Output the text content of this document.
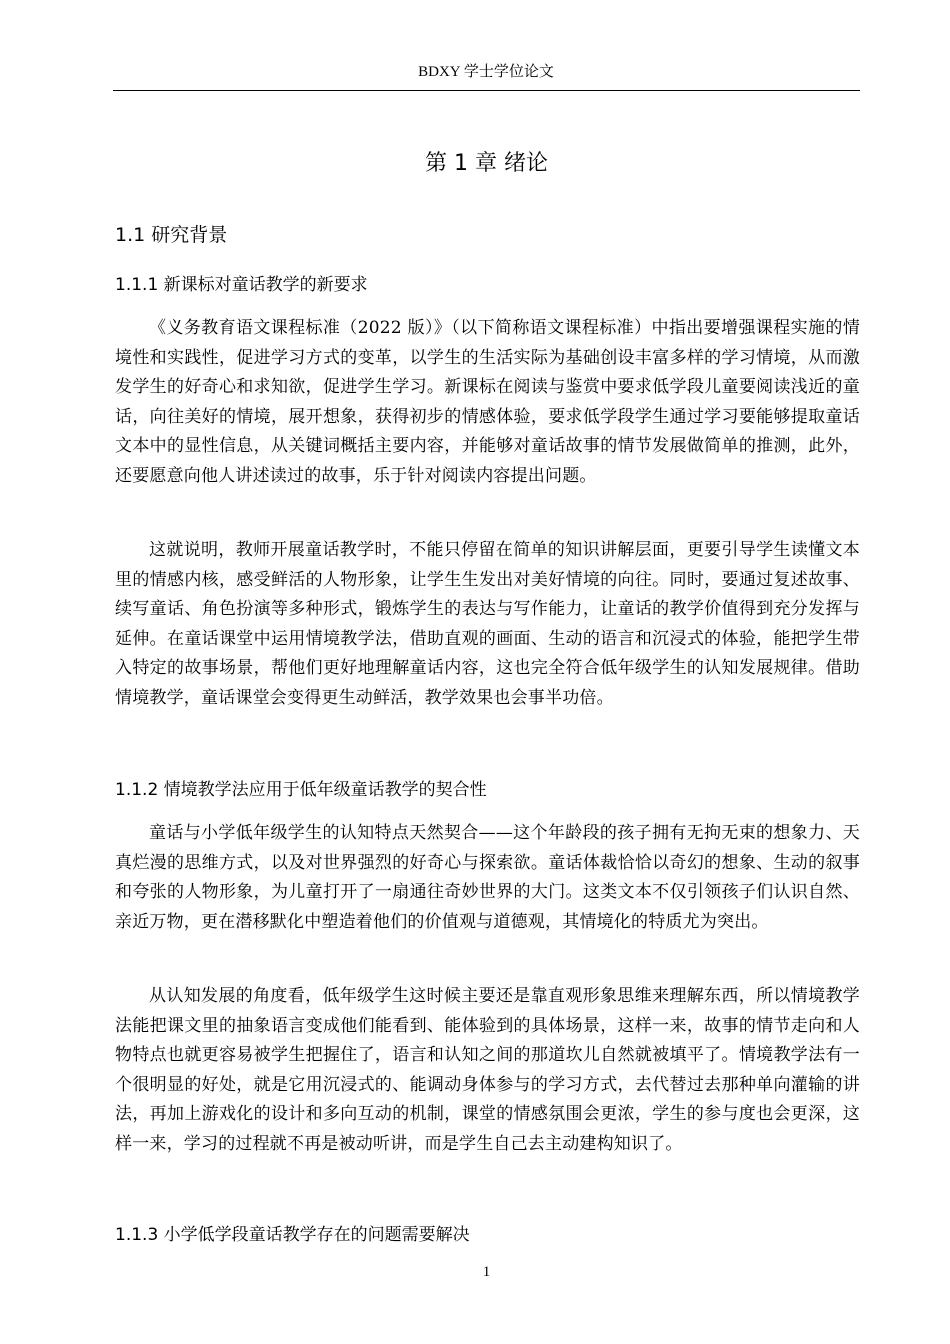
BDXY 学士学位论文
第 1 章 绪论
1.1 研究背景
1.1.1 新课标对童话教学的新要求

《义务教育语文课程标准（2022 版）》（以下简称语文课程标准）中指出要增强课程实施的情境性和实践性，促进学习方式的变革，以学生的生活实际为基础创设丰富多样的学习情境，从而激发学生的好奇心和求知欲，促进学生学习。新课标在阅读与鉴赏中要求低学段儿童要阅读浅近的童话，向往美好的情境，展开想象，获得初步的情感体验，要求低学段学生通过学习要能够提取童话文本中的显性信息，从关键词概括主要内容，并能够对童话故事的情节发展做简单的推测，此外，还要愿意向他人讲述读过的故事，乐于针对阅读内容提出问题。

这就说明，教师开展童话教学时，不能只停留在简单的知识讲解层面，更要引导学生读懂文本里的情感内核，感受鲜活的人物形象，让学生生发出对美好情境的向往。同时，要通过复述故事、续写童话、角色扮演等多种形式，锻炼学生的表达与写作能力，让童话的教学价值得到充分发挥与延伸。在童话课堂中运用情境教学法，借助直观的画面、生动的语言和沉浸式的体验，能把学生带入特定的故事场景，帮他们更好地理解童话内容，这也完全符合低年级学生的认知发展规律。借助情境教学，童话课堂会变得更生动鲜活，教学效果也会事半功倍。

1.1.2 情境教学法应用于低年级童话教学的契合性

童话与小学低年级学生的认知特点天然契合——这个年龄段的孩子拥有无拘无束的想象力、天真烂漫的思维方式，以及对世界强烈的好奇心与探索欲。童话体裁恰恰以奇幻的想象、生动的叙事和夸张的人物形象，为儿童打开了一扇通往奇妙世界的大门。这类文本不仅引领孩子们认识自然、亲近万物，更在潜移默化中塑造着他们的价值观与道德观，其情境化的特质尤为突出。

从认知发展的角度看，低年级学生这时候主要还是靠直观形象思维来理解东西，所以情境教学法能把课文里的抽象语言变成他们能看到、能体验到的具体场景，这样一来，故事的情节走向和人物特点也就更容易被学生把握住了，语言和认知之间的那道坎儿自然就被填平了。情境教学法有一个很明显的好处，就是它用沉浸式的、能调动身体参与的学习方式，去代替过去那种单向灌输的讲法，再加上游戏化的设计和多向互动的机制，课堂的情感氛围会更浓，学生的参与度也会更深，这样一来，学习的过程就不再是被动听讲，而是学生自己去主动建构知识了。

1.1.3 小学低学段童话教学存在的问题需要解决
1
